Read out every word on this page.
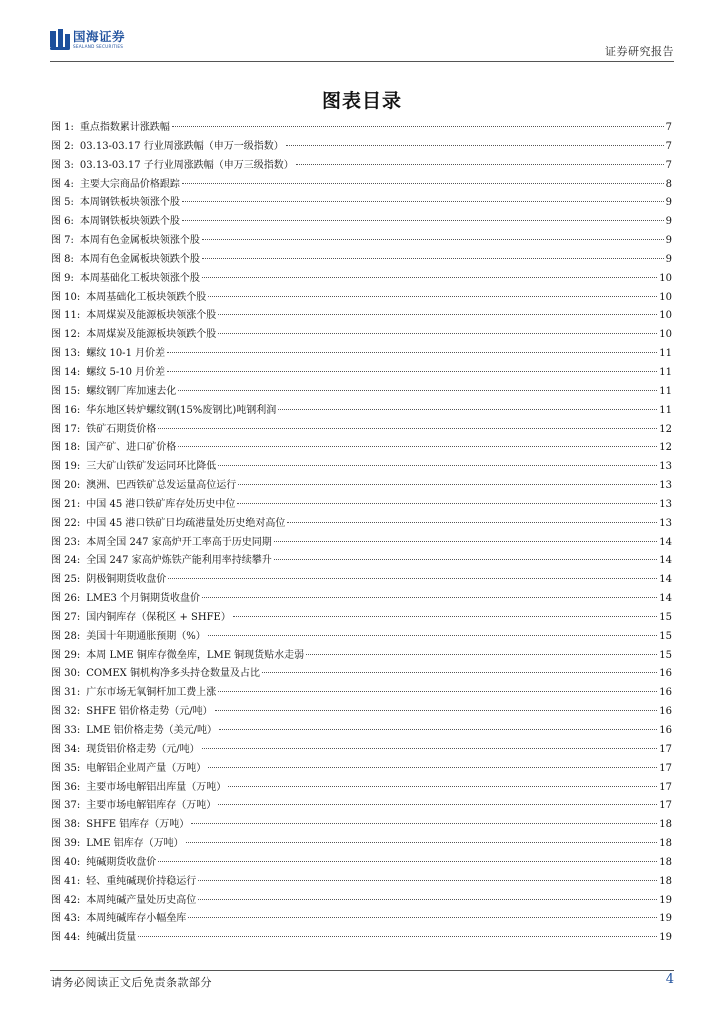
国海证券
SEALAND SECURITIES	证券研究报告
图表目录
图 1: 重点指数累计涨跌幅	7
图 2: 03.13-03.17 行业周涨跌幅（申万一级指数）	7
图 3: 03.13-03.17 子行业周涨跌幅（申万三级指数）	7
图 4: 主要大宗商品价格跟踪	8
图 5: 本周钢铁板块领涨个股	9
图 6: 本周钢铁板块领跌个股	9
图 7: 本周有色金属板块领涨个股	9
图 8: 本周有色金属板块领跌个股	9
图 9: 本周基础化工板块领涨个股	10
图 10: 本周基础化工板块领跌个股	10
图 11: 本周煤炭及能源板块领涨个股	10
图 12: 本周煤炭及能源板块领跌个股	10
图 13: 螺纹 10-1 月价差	11
图 14: 螺纹 5-10 月价差	11
图 15: 螺纹钢厂库加速去化	11
图 16: 华东地区转炉螺纹钢(15%废钢比)吨钢利润	11
图 17: 铁矿石期货价格	12
图 18: 国产矿、进口矿价格	12
图 19: 三大矿山铁矿发运同环比降低	13
图 20: 澳洲、巴西铁矿总发运量高位运行	13
图 21: 中国 45 港口铁矿库存处历史中位	13
图 22: 中国 45 港口铁矿日均疏港量处历史绝对高位	13
图 23: 本周全国 247 家高炉开工率高于历史同期	14
图 24: 全国 247 家高炉炼铁产能利用率持续攀升	14
图 25: 阴极铜期货收盘价	14
图 26: LME3 个月铜期货收盘价	14
图 27: 国内铜库存（保税区 + SHFE）	15
图 28: 美国十年期通胀预期（%）	15
图 29: 本周 LME 铜库存微垒库，LME 铜现货贴水走弱	15
图 30: COMEX 铜机构净多头持仓数量及占比	16
图 31: 广东市场无氧铜杆加工费上涨	16
图 32: SHFE 铝价格走势（元/吨）	16
图 33: LME 铝价格走势（美元/吨）	16
图 34: 现货铝价格走势（元/吨）	17
图 35: 电解铝企业周产量（万吨）	17
图 36: 主要市场电解铝出库量（万吨）	17
图 37: 主要市场电解铝库存（万吨）	17
图 38: SHFE 铝库存（万吨）	18
图 39: LME 铝库存（万吨）	18
图 40: 纯碱期货收盘价	18
图 41: 轻、重纯碱现价持稳运行	18
图 42: 本周纯碱产量处历史高位	19
图 43: 本周纯碱库存小幅垒库	19
图 44: 纯碱出货量	19
请务必阅读正文后免责条款部分	4
